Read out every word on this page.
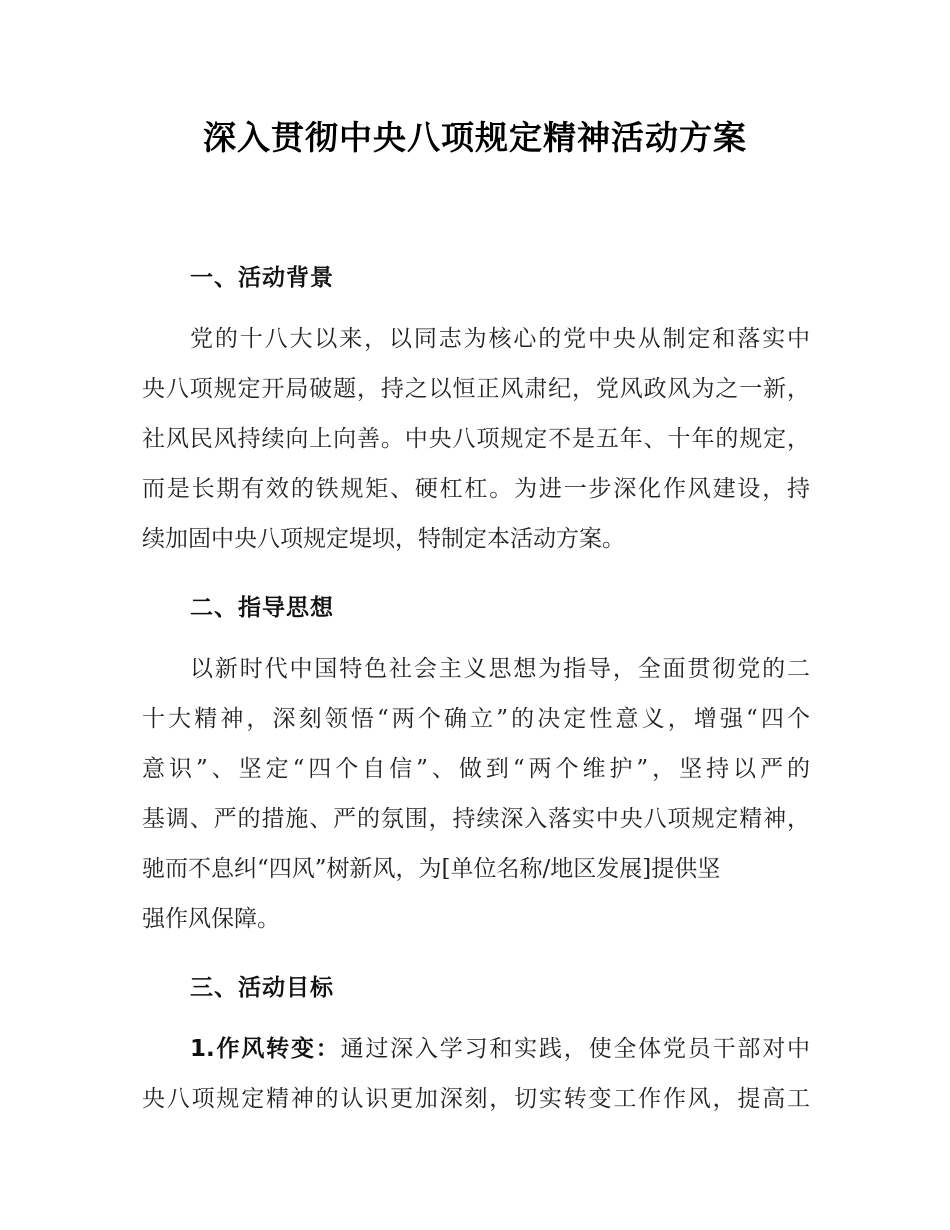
深入贯彻中央八项规定精神活动方案
一、活动背景

党的十八大以来，以同志为核心的党中央从制定和落实中

央八项规定开局破题，持之以恒正风肃纪，党风政风为之一新，

社风民风持续向上向善。中央八项规定不是五年、十年的规定，

而是长期有效的铁规矩、硬杠杠。为进一步深化作风建设，持

续加固中央八项规定堤坝，特制定本活动方案。

二、指导思想

以新时代中国特色社会主义思想为指导，全面贯彻党的二

十大精神，深刻领悟“两个确立”的决定性意义，增强“四个

意识”、坚定“四个自信”、做到“两个维护”，坚持以严的

基调、严的措施、严的氛围，持续深入落实中央八项规定精神，

驰而不息纠“四风”树新风，为[单位名称/地区发展]提供坚

强作风保障。

三、活动目标

1.作风转变：通过深入学习和实践，使全体党员干部对中

央八项规定精神的认识更加深刻，切实转变工作作风，提高工
